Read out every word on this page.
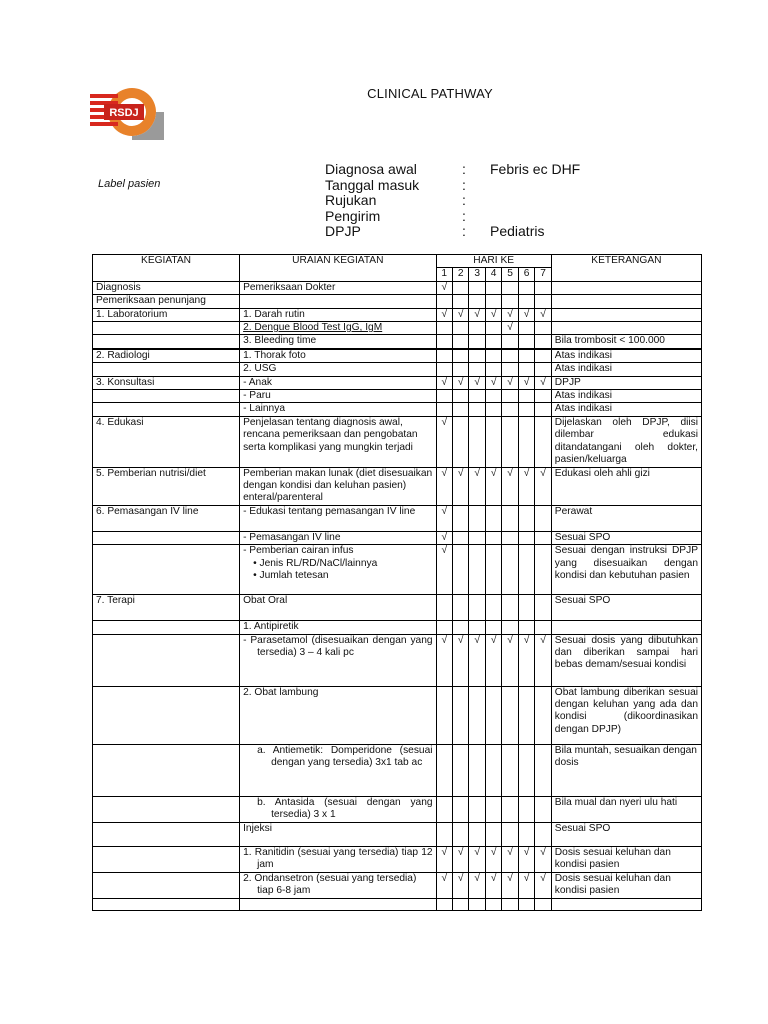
RSDJ
CLINICAL PATHWAY
Label pasien
Diagnosa awal	:	Febris ec DHF
Tanggal masuk	:
Rujukan	:
Pengirim	:
DPJP	:	Pediatris
KEGIATAN	URAIAN KEGIATAN	HARI KE							KETERANGAN
		1	2	3	4	5	6	7	
Diagnosis	Pemeriksaan Dokter	√							
Pemeriksaan penunjang									
1. Laboratorium	1. Darah rutin	√	√	√	√	√	√	√	
	2. Dengue Blood Test IgG, IgM					√			
	3. Bleeding time								Bila trombosit < 100.000

2. Radiologi	1. Thorak foto								Atas indikasi
	2. USG								Atas indikasi
3. Konsultasi	- Anak	√	√	√	√	√	√	√	DPJP
	- Paru								Atas indikasi
	- Lainnya								Atas indikasi
4. Edukasi	Penjelasan tentang diagnosis awal, rencana pemeriksaan dan pengobatan serta komplikasi yang mungkin terjadi	√							Dijelaskan oleh DPJP, diisi dilembar edukasi ditandatangani oleh dokter, pasien/keluarga
5. Pemberian nutrisi/diet	Pemberian makan lunak (diet disesuaikan dengan kondisi dan keluhan pasien) enteral/parenteral	√	√	√	√	√	√	√	Edukasi oleh ahli gizi
6. Pemasangan IV line	- Edukasi tentang pemasangan IV line	√							Perawat
	- Pemasangan IV line	√							Sesuai SPO
	- Pemberian cairan infus
• Jenis RL/RD/NaCl/lainnya
• Jumlah tetesan	√							Sesuai dengan instruksi DPJP yang disesuaikan dengan kondisi dan kebutuhan pasien
7. Terapi	Obat Oral								Sesuai SPO
	1. Antipiretik								

	- Parasetamol (disesuaikan dengan yang tersedia) 3 – 4 kali pc	√	√	√	√	√	√	√	Sesuai dosis yang dibutuhkan dan diberikan sampai hari bebas demam/sesuai kondisi
	2. Obat lambung								Obat lambung diberikan sesuai dengan keluhan yang ada dan kondisi (dikoordinasikan dengan DPJP)

	a. Antiemetik: Domperidone (sesuai dengan yang tersedia) 3x1 tab ac								Bila muntah, sesuaikan dengan dosis

	b. Antasida (sesuai dengan yang tersedia) 3 x 1								Bila mual dan nyeri ulu hati
	Injeksi								Sesuai SPO

	1. Ranitidin (sesuai yang tersedia) tiap 12 jam	√	√	√	√	√	√	√	Dosis sesuai keluhan dan kondisi pasien

	2. Ondansetron (sesuai yang tersedia) tiap 6-8 jam	√	√	√	√	√	√	√	Dosis sesuai keluhan dan kondisi pasien
